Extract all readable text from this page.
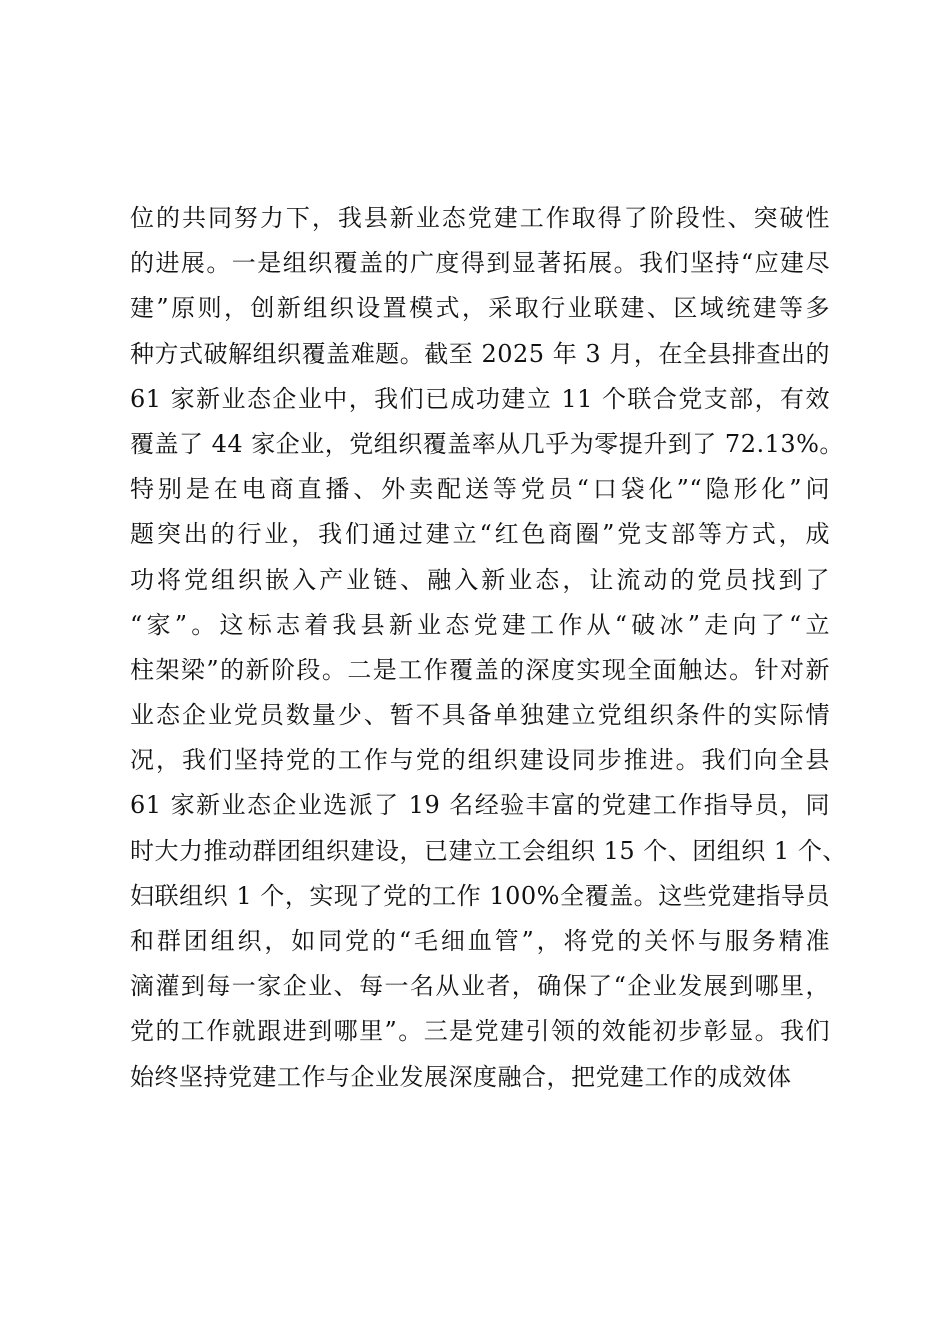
位的共同努力下，我县新业态党建工作取得了阶段性、突破性
的进展。一是组织覆盖的广度得到显著拓展。我们坚持“应建尽
建”原则，创新组织设置模式，采取行业联建、区域统建等多
种方式破解组织覆盖难题。截至 2025 年 3 月，在全县排查出的
61 家新业态企业中，我们已成功建立 11 个联合党支部，有效
覆盖了 44 家企业，党组织覆盖率从几乎为零提升到了 72.13%。
特别是在电商直播、外卖配送等党员“口袋化”“隐形化”问
题突出的行业，我们通过建立“红色商圈”党支部等方式，成
功将党组织嵌入产业链、融入新业态，让流动的党员找到了
“家”。这标志着我县新业态党建工作从“破冰”走向了“立
柱架梁”的新阶段。二是工作覆盖的深度实现全面触达。针对新
业态企业党员数量少、暂不具备单独建立党组织条件的实际情
况，我们坚持党的工作与党的组织建设同步推进。我们向全县
61 家新业态企业选派了 19 名经验丰富的党建工作指导员，同
时大力推动群团组织建设，已建立工会组织 15 个、团组织 1 个、
妇联组织 1 个，实现了党的工作 100%全覆盖。这些党建指导员
和群团组织，如同党的“毛细血管”，将党的关怀与服务精准
滴灌到每一家企业、每一名从业者，确保了“企业发展到哪里，
党的工作就跟进到哪里”。三是党建引领的效能初步彰显。我们
始终坚持党建工作与企业发展深度融合，把党建工作的成效体
